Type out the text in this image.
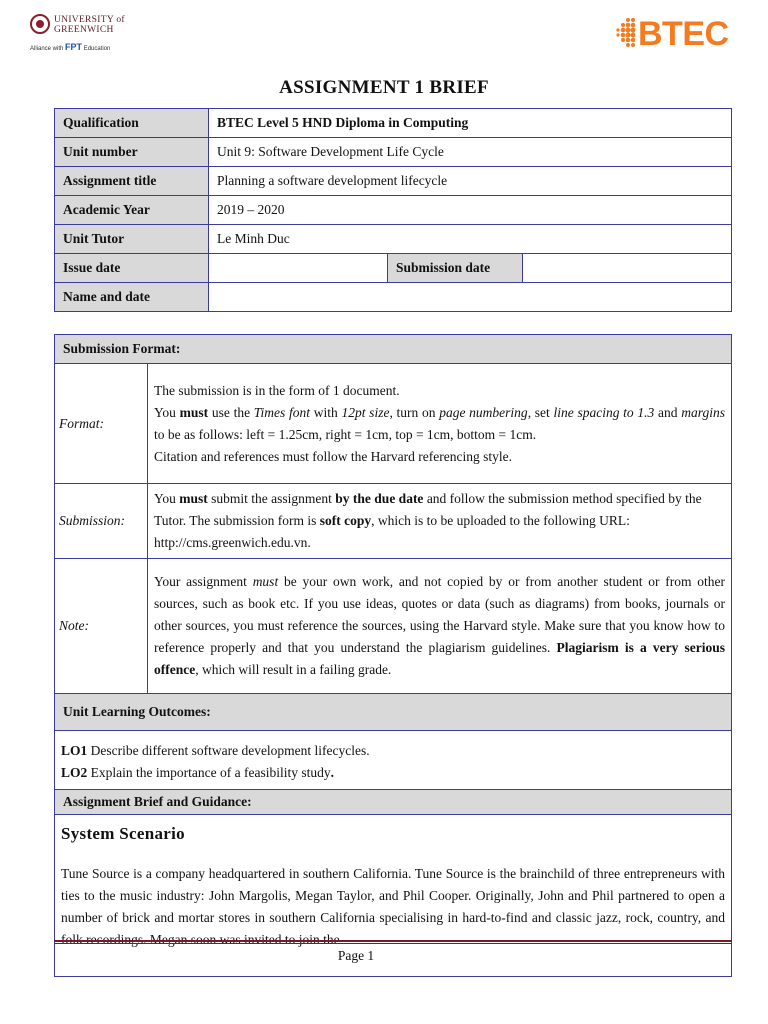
UNIVERSITY of
GREENWICH
Alliance with FPT Education	BTEC
ASSIGNMENT 1 BRIEF
Qualification	BTEC Level 5 HND Diploma in Computing		
Unit number	Unit 9: Software Development Life Cycle		
Assignment title	Planning a software development lifecycle		
Academic Year	2019 – 2020		
Unit Tutor	Le Minh Duc		
Issue date		Submission date	
Name and date			
Submission Format:	
Format:	The submission is in the form of 1 document.
You must use the Times font with 12pt size, turn on page numbering, set line spacing to 1.3 and margins to be as follows: left = 1.25cm, right = 1cm, top = 1cm, bottom = 1cm.
Citation and references must follow the Harvard referencing style.
Submission:	You must submit the assignment by the due date and follow the submission method specified by the Tutor. The submission form is soft copy, which is to be uploaded to the following URL: http://cms.greenwich.edu.vn.
Note:	Your assignment must be your own work, and not copied by or from another student or from other sources, such as book etc. If you use ideas, quotes or data (such as diagrams) from books, journals or other sources, you must reference the sources, using the Harvard style. Make sure that you know how to reference properly and that you understand the plagiarism guidelines. Plagiarism is a very serious offence, which will result in a failing grade.
Unit Learning Outcomes:	
LO1 Describe different software development lifecycles.
LO2 Explain the importance of a feasibility study.	
Assignment Brief and Guidance:	

System Scenario
Tune Source is a company headquartered in southern California. Tune Source is the brainchild of three entrepreneurs with ties to the music industry: John Margolis, Megan Taylor, and Phil Cooper. Originally, John and Phil partnered to open a number of brick and mortar stores in southern California specialising in hard-to-find and classic jazz, rock, country, and folk recordings. Megan soon was invited to join the	
Page 1
